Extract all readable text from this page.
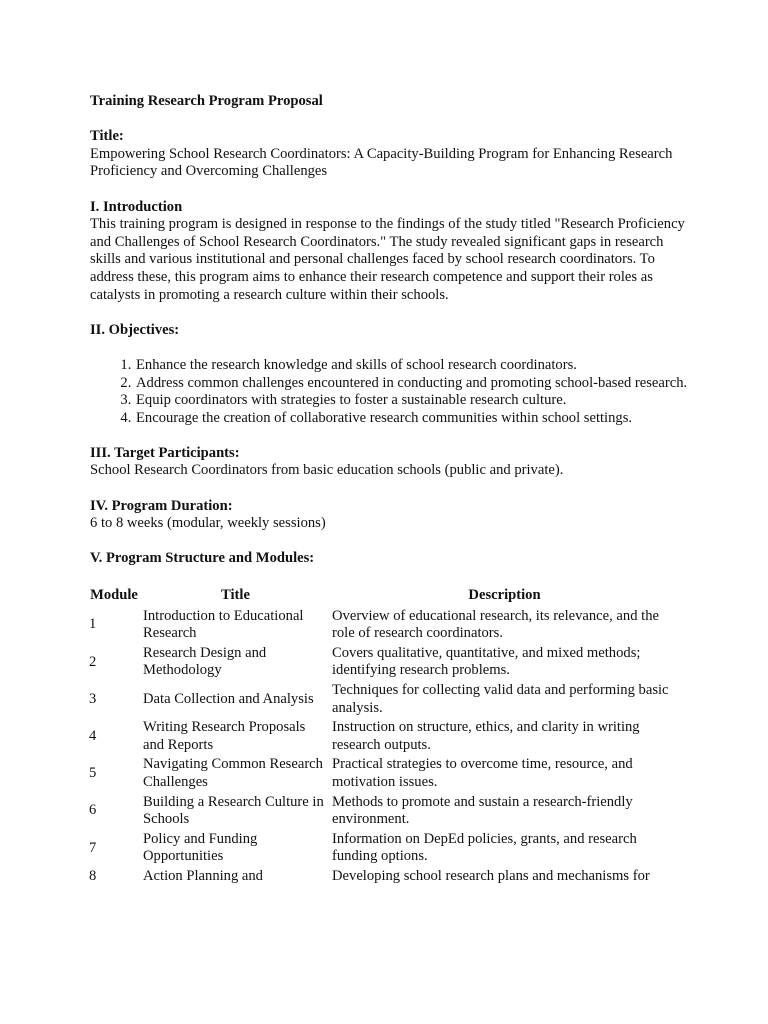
Training Research Program Proposal

Title:

Empowering School Research Coordinators: A Capacity-Building Program for Enhancing Research Proficiency and Overcoming Challenges

I. Introduction

This training program is designed in response to the findings of the study titled "Research Proficiency and Challenges of School Research Coordinators." The study revealed significant gaps in research skills and various institutional and personal challenges faced by school research coordinators. To address these, this program aims to enhance their research competence and support their roles as catalysts in promoting a research culture within their schools.

II. Objectives:

1. Enhance the research knowledge and skills of school research coordinators.
2. Address common challenges encountered in conducting and promoting school-based research.
3. Equip coordinators with strategies to foster a sustainable research culture.
4. Encourage the creation of collaborative research communities within school settings.

III. Target Participants:

School Research Coordinators from basic education schools (public and private).

IV. Program Duration:

6 to 8 weeks (modular, weekly sessions)

V. Program Structure and Modules:

Module	Title	Description
1	Introduction to Educational Research	Overview of educational research, its relevance, and the role of research coordinators.
2	Research Design and Methodology	Covers qualitative, quantitative, and mixed methods; identifying research problems.
3	Data Collection and Analysis	Techniques for collecting valid data and performing basic analysis.
4	Writing Research Proposals and Reports	Instruction on structure, ethics, and clarity in writing research outputs.
5	Navigating Common Research Challenges	Practical strategies to overcome time, resource, and motivation issues.
6	Building a Research Culture in Schools	Methods to promote and sustain a research-friendly environment.
7	Policy and Funding Opportunities	Information on DepEd policies, grants, and research funding options.
8	Action Planning and	Developing school research plans and mechanisms for
